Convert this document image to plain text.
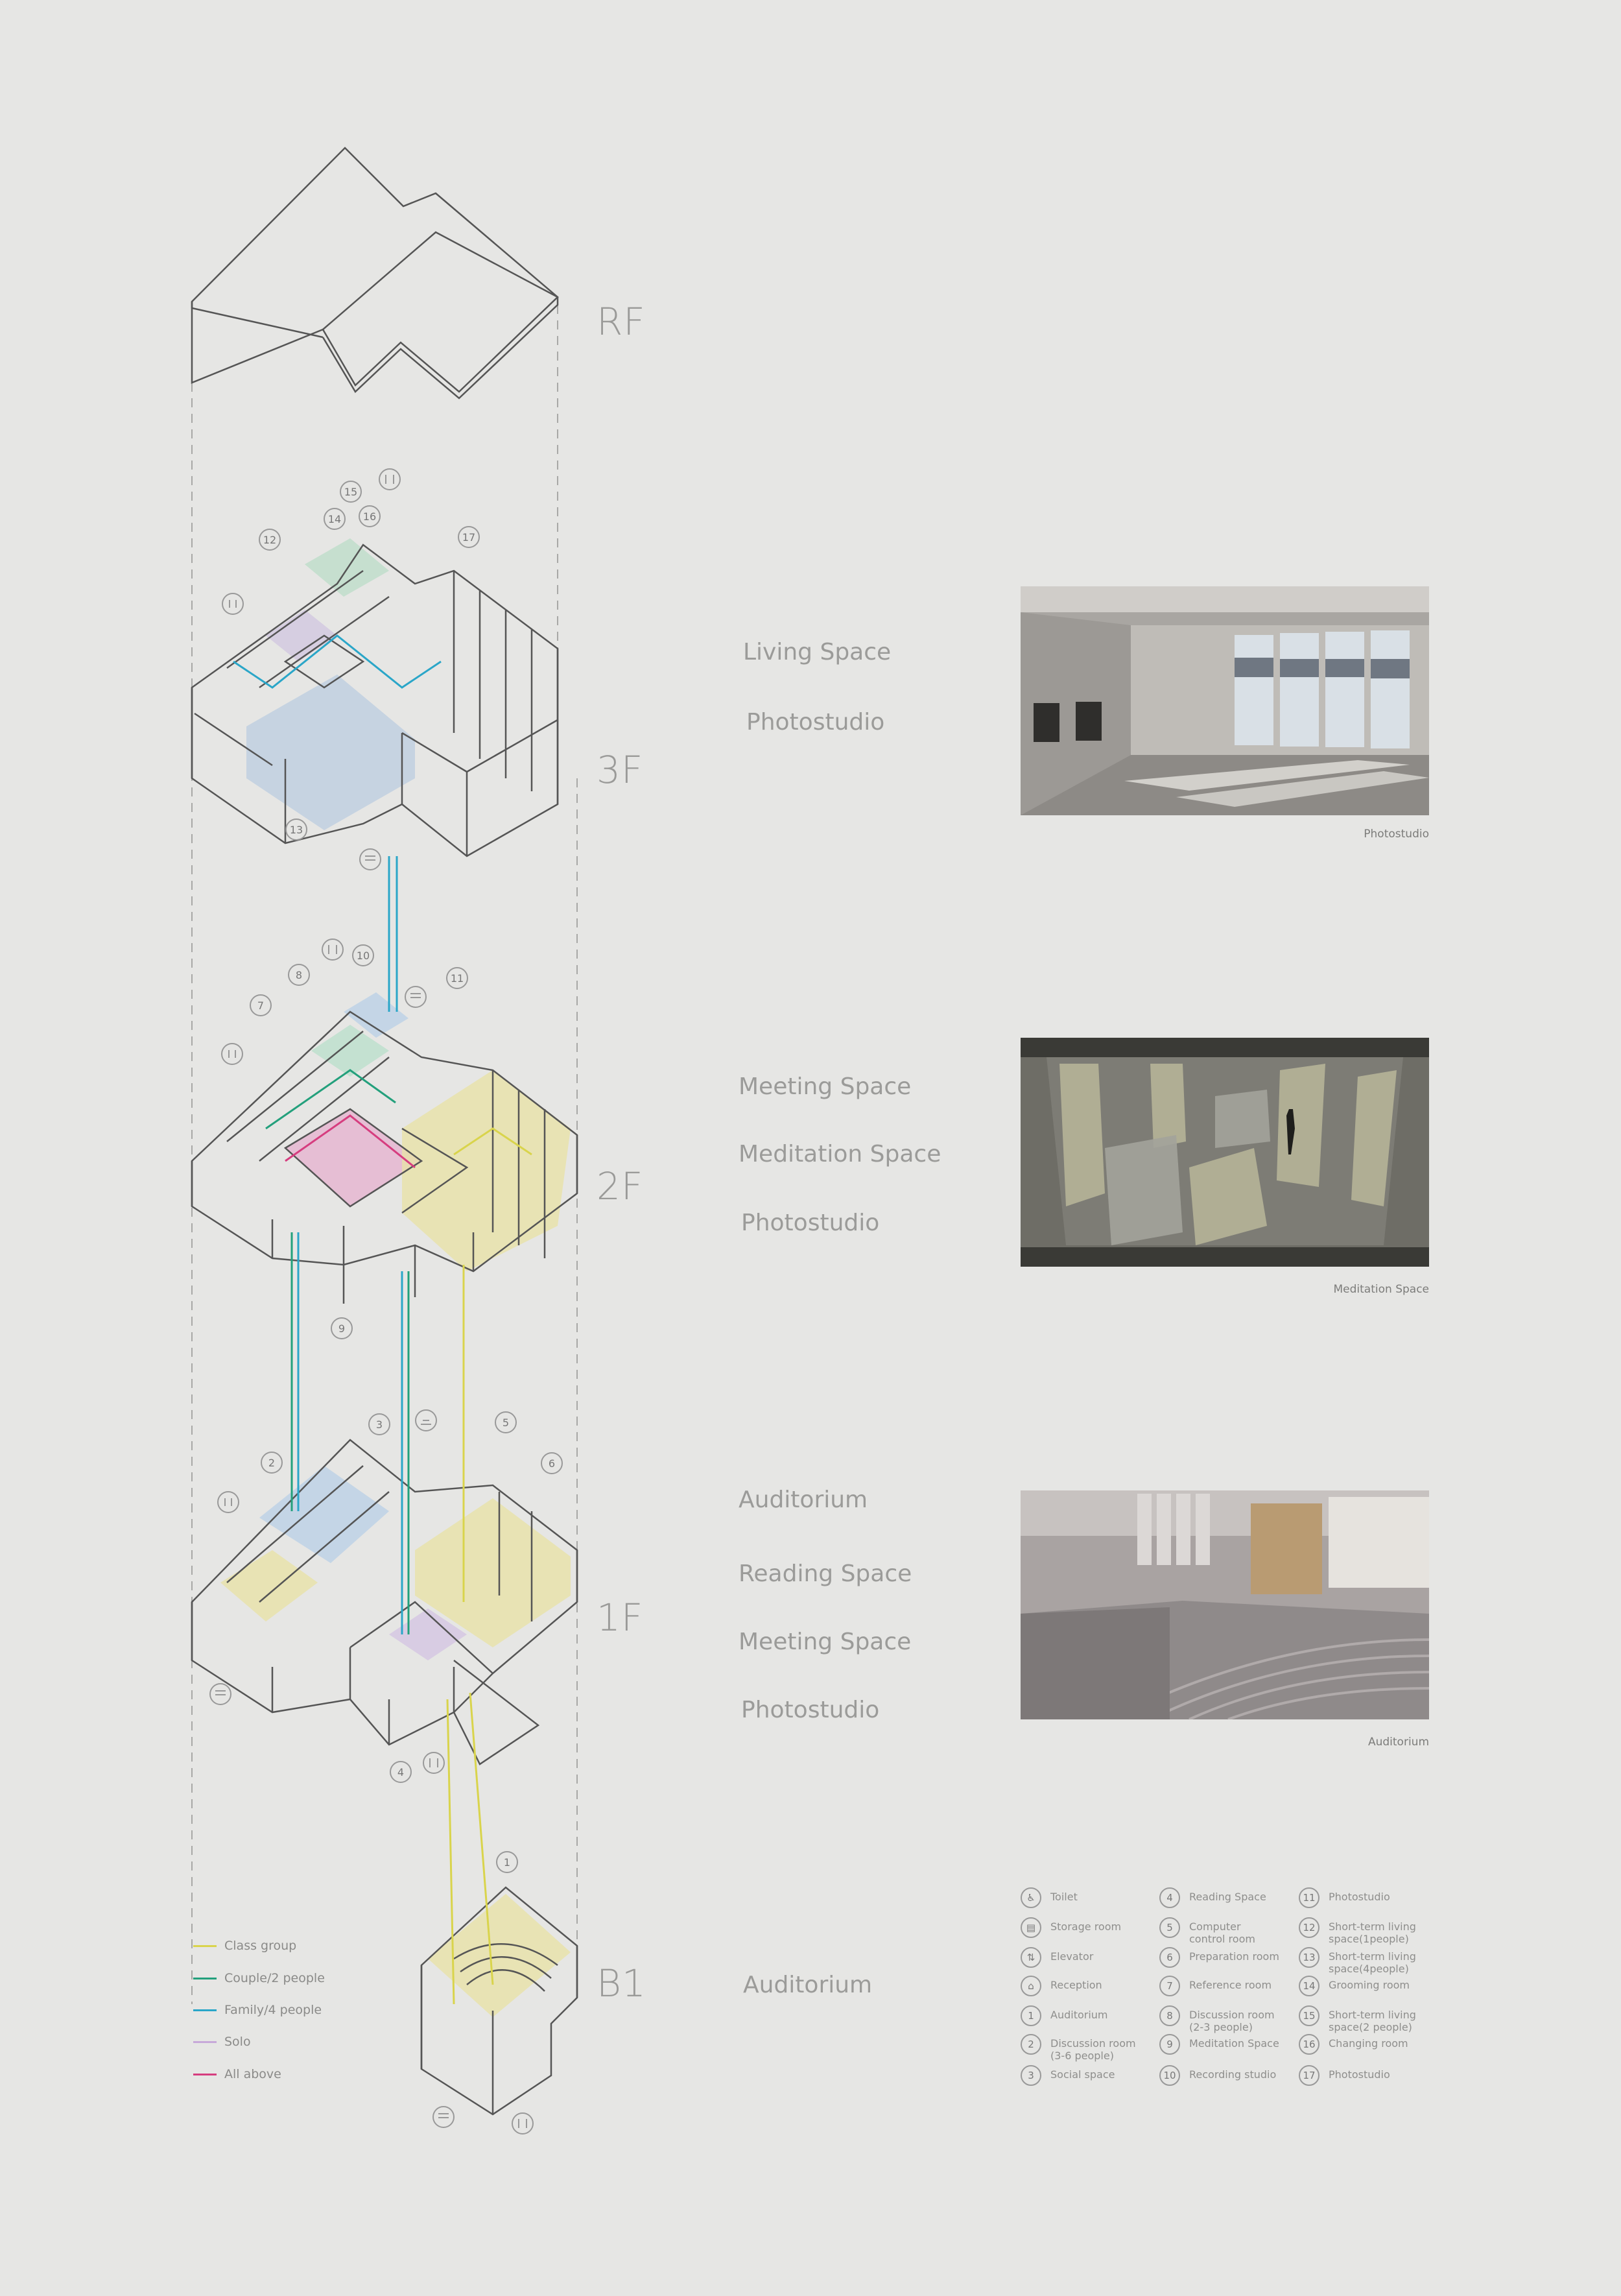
15
14 16
12	17
13
8
10
7
11
9
3	5
2	6
4
1
RF
3F
2F
1F
B1
Living Space
Photostudio
Meeting Space
Meditation Space
Photostudio
Auditorium
Reading Space
Meeting Space
Photostudio
Auditorium
Photostudio
Meditation Space
Auditorium
Class group
Couple/2 people
Family/4 people
Solo
All above
♿	Toilet
▤	Storage room
⇅	Elevator
⌂	Reception
1	Auditorium
2	Discussion room
(3-6 people)
3	Social space
4	Reading Space
5	Computer
control room
6	Preparation room
7	Reference room
8	Discussion room
(2-3 people)
9	Meditation Space
10	Recording studio
11	Photostudio
12	Short-term living
space(1people)
13	Short-term living
space(4people)
14	Grooming room
15	Short-term living
space(2 people)
16	Changing room
17	Photostudio
